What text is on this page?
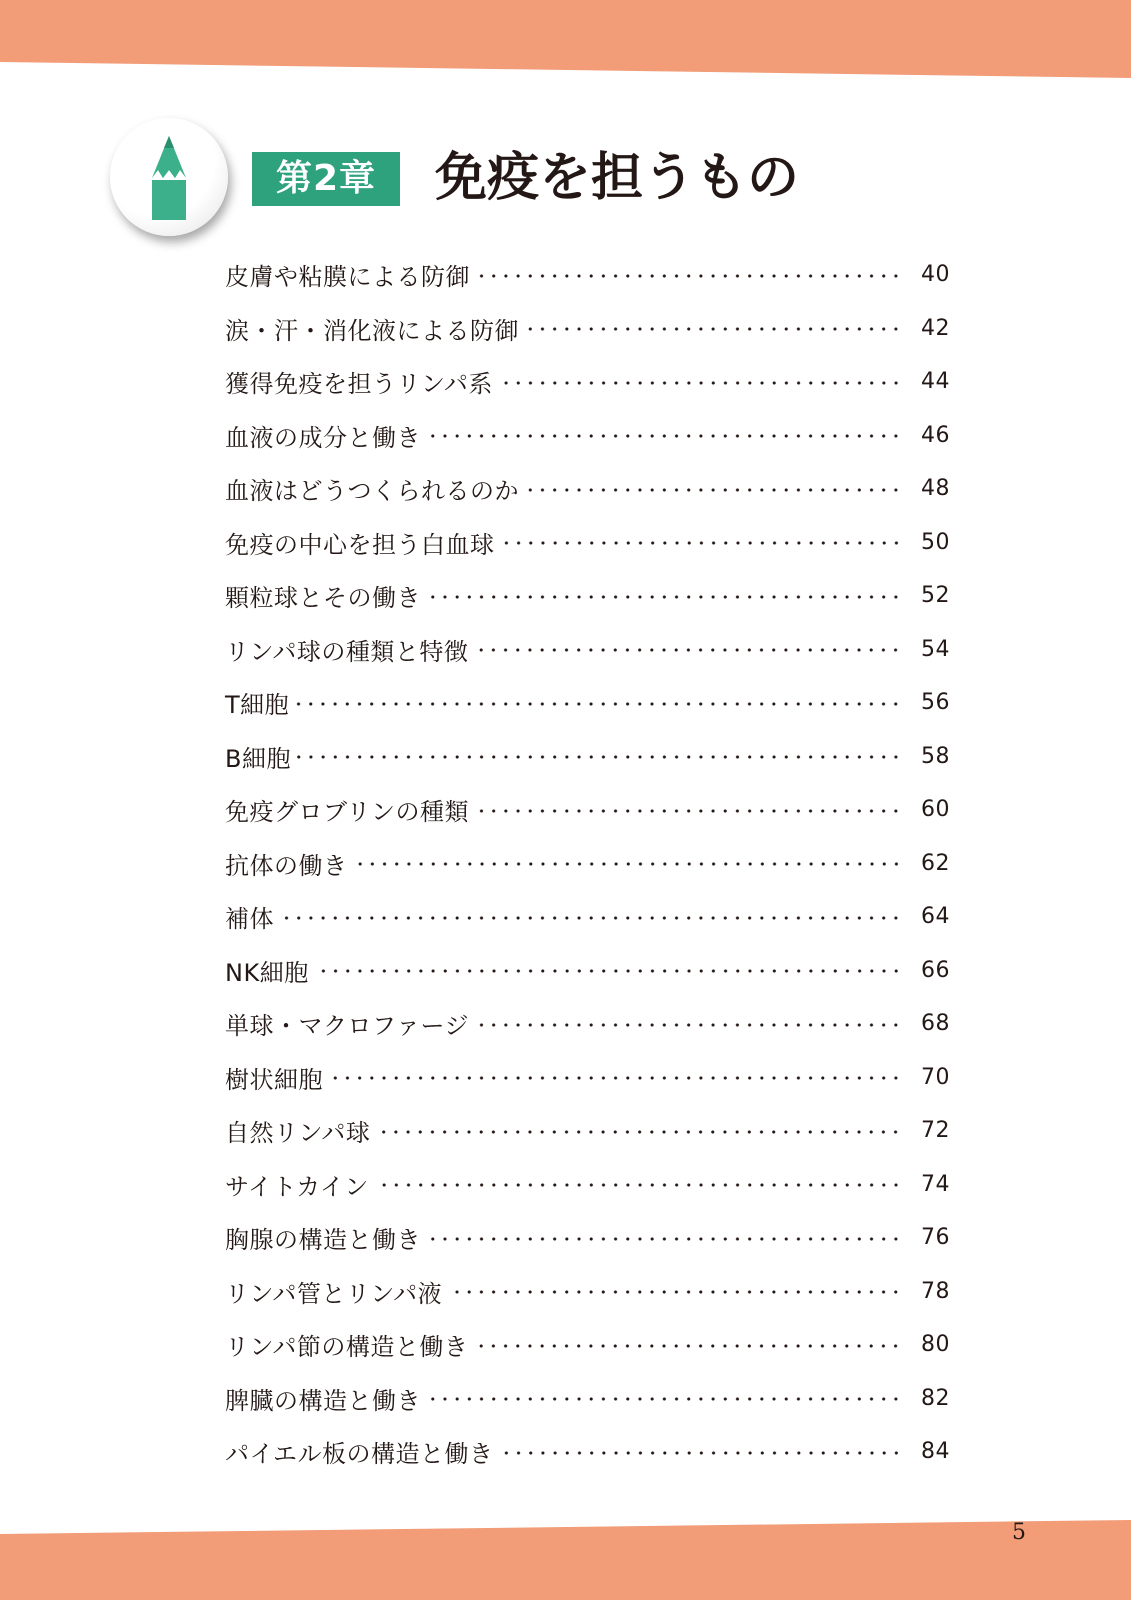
第2章	免疫を担うもの
皮膚や粘膜による防御	40
涙・汗・消化液による防御	42
獲得免疫を担うリンパ系	44
血液の成分と働き	46
血液はどうつくられるのか	48
免疫の中心を担う白血球	50
顆粒球とその働き	52
リンパ球の種類と特徴	54
T細胞	56
B細胞	58
免疫グロブリンの種類	60
抗体の働き	62
補体	64
NK細胞	66
単球・マクロファージ	68
樹状細胞	70
自然リンパ球	72
サイトカイン	74
胸腺の構造と働き	76
リンパ管とリンパ液	78
リンパ節の構造と働き	80
脾臓の構造と働き	82
パイエル板の構造と働き	84
5
